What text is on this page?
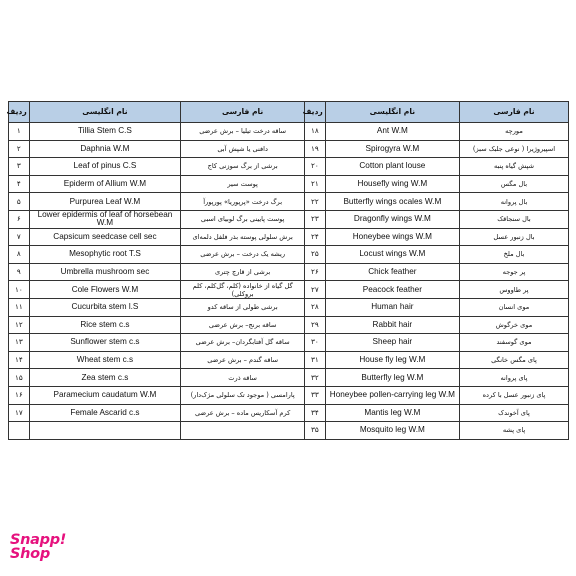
نام فارسی	نام انگلیسی	ردیف	نام فارسی	نام انگلیسی	ردیف
مورچه	Ant W.M	۱۸	ساقه درخت تیلیا – برش عرضی	Tillia Stem C.S	۱
اسپیروژیرا ( نوعی جلبک سبز)	Spirogyra W.M	۱۹	دافنی یا شپش آبی	Daphnia W.M	۲
شپش گیاه پنبه	Cotton plant louse	۲۰	برشی از برگ سوزنی کاج	Leaf of pinus C.S	۳
بال مگس	Housefly wing W.M	۲۱	پوست سیر	Epiderm of Allium W.M	۴
بال پروانه	Butterfly wings ocales W.M	۲۲	برگ درخت «پرپوریا» پورپورآ	Purpurea Leaf W.M	۵
بال سنجاقک	Dragonfly wings W.M	۲۳	پوست پایینی برگ لوبیای اسبی	Lower epidermis of leaf of horsebean W.M	۶
بال زنبور عسل	Honeybee wings W.M	۲۴	برش سلولی پوسته بذر فلفل دلمه‌ای	Capsicum seedcase cell sec	۷
بال ملخ	Locust wings W.M	۲۵	ریشه یک درخت – برش عرضی	Mesophytic root T.S	۸
پر جوجه	Chick feather	۲۶	برشی از قارچ چتری	Umbrella mushroom sec	۹
پر طاووس	Peacock feather	۲۷	گل گیاه از خانواده (کلم، گل‌کلم، کلم بروکلی)	Cole Flowers W.M	۱۰
موی انسان	Human hair	۲۸	برشی طولی از ساقه کدو	Cucurbita stem l.S	۱۱
موی خرگوش	Rabbit hair	۲۹	ساقه برنج– برش عرضی	Rice stem c.s	۱۲
موی گوسفند	Sheep hair	۳۰	ساقه گل آفتابگردان– برش عرضی	Sunflower stem c.s	۱۳
پای مگس خانگی	House fly leg W.M	۳۱	ساقه گندم – برش عرضی	Wheat stem c.s	۱۴
پای پروانه	Butterfly leg W.M	۳۲	ساقه ذرت	Zea stem c.s	۱۵
پای زنبور عسل با کرده	Honeybee pollen-carrying leg W.M	۳۳	پارامسی ( موجود تک سلولی مژک‌دار)	Paramecium caudatum W.M	۱۶
پای آخوندک	Mantis leg W.M	۳۴	کرم آسکاریس ماده – برش عرضی	Female Ascarid c.s	۱۷
پای پشه	Mosquito leg W.M	۳۵			
Snapp!
Shop
